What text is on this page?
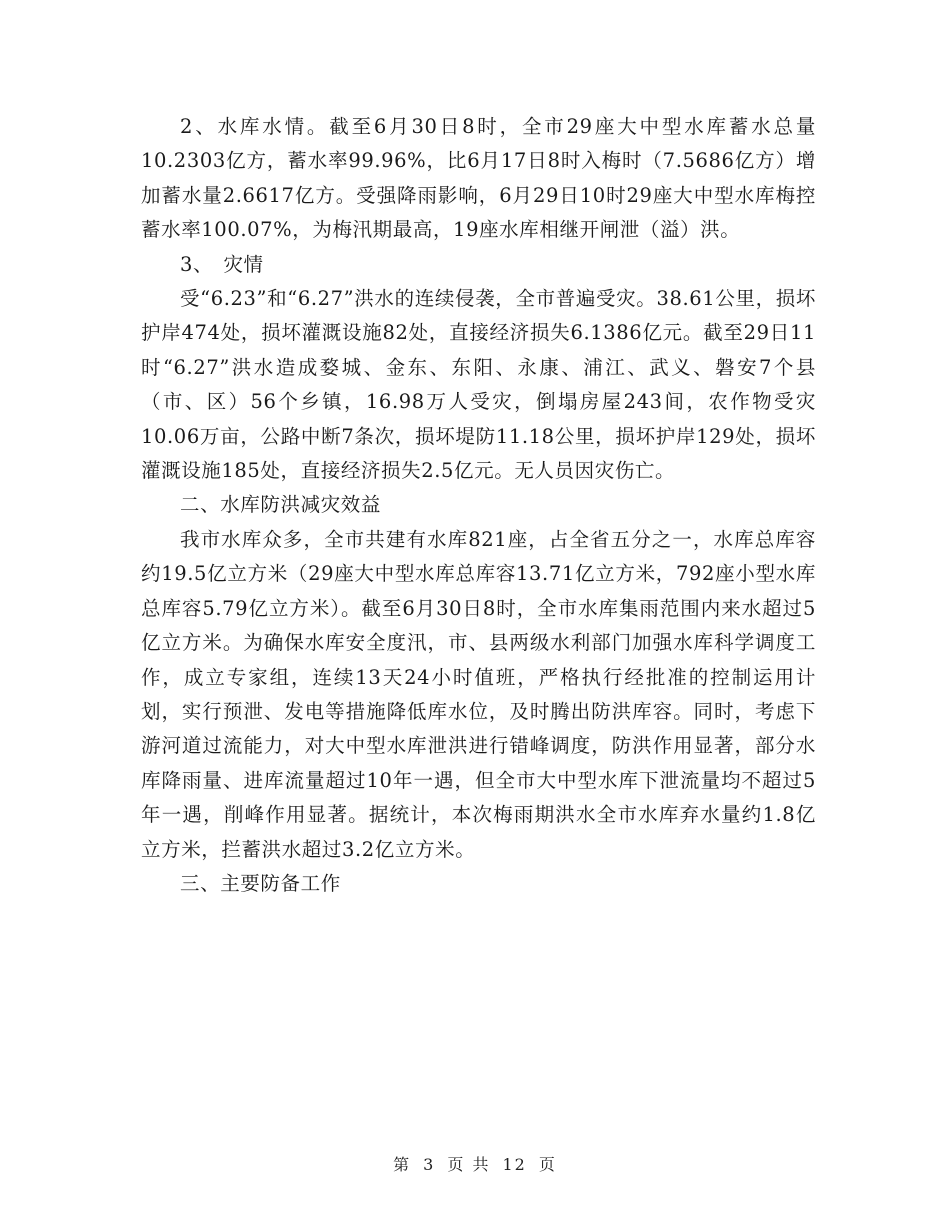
2、水库水情。截至6月30日8时，全市29座大中型水库蓄水总量10.2303亿方，蓄水率99.96%，比6月17日8时入梅时（7.5686亿方）增加蓄水量2.6617亿方。受强降雨影响，6月29日10时29座大中型水库梅控蓄水率100.07%，为梅汛期最高，19座水库相继开闸泄（溢）洪。

3、　灾情

受“6.23”和“6.27”洪水的连续侵袭，全市普遍受灾。38.61公里，损坏护岸474处，损坏灌溉设施82处，直接经济损失6.1386亿元。截至29日11时“6.27”洪水造成婺城、金东、东阳、永康、浦江、武义、磐安7个县（市、区）56个乡镇，16.98万人受灾，倒塌房屋243间，农作物受灾10.06万亩，公路中断7条次，损坏堤防11.18公里，损坏护岸129处，损坏灌溉设施185处，直接经济损失2.5亿元。无人员因灾伤亡。

二、水库防洪减灾效益

我市水库众多，全市共建有水库821座，占全省五分之一，水库总库容约19.5亿立方米（29座大中型水库总库容13.71亿立方米，792座小型水库总库容5.79亿立方米）。截至6月30日8时，全市水库集雨范围内来水超过5亿立方米。为确保水库安全度汛，市、县两级水利部门加强水库科学调度工作，成立专家组，连续13天24小时值班，严格执行经批准的控制运用计划，实行预泄、发电等措施降低库水位，及时腾出防洪库容。同时，考虑下游河道过流能力，对大中型水库泄洪进行错峰调度，防洪作用显著，部分水库降雨量、进库流量超过10年一遇，但全市大中型水库下泄流量均不超过5年一遇，削峰作用显著。据统计，本次梅雨期洪水全市水库弃水量约1.8亿立方米，拦蓄洪水超过3.2亿立方米。

三、主要防备工作

第 3 页 共 12 页
